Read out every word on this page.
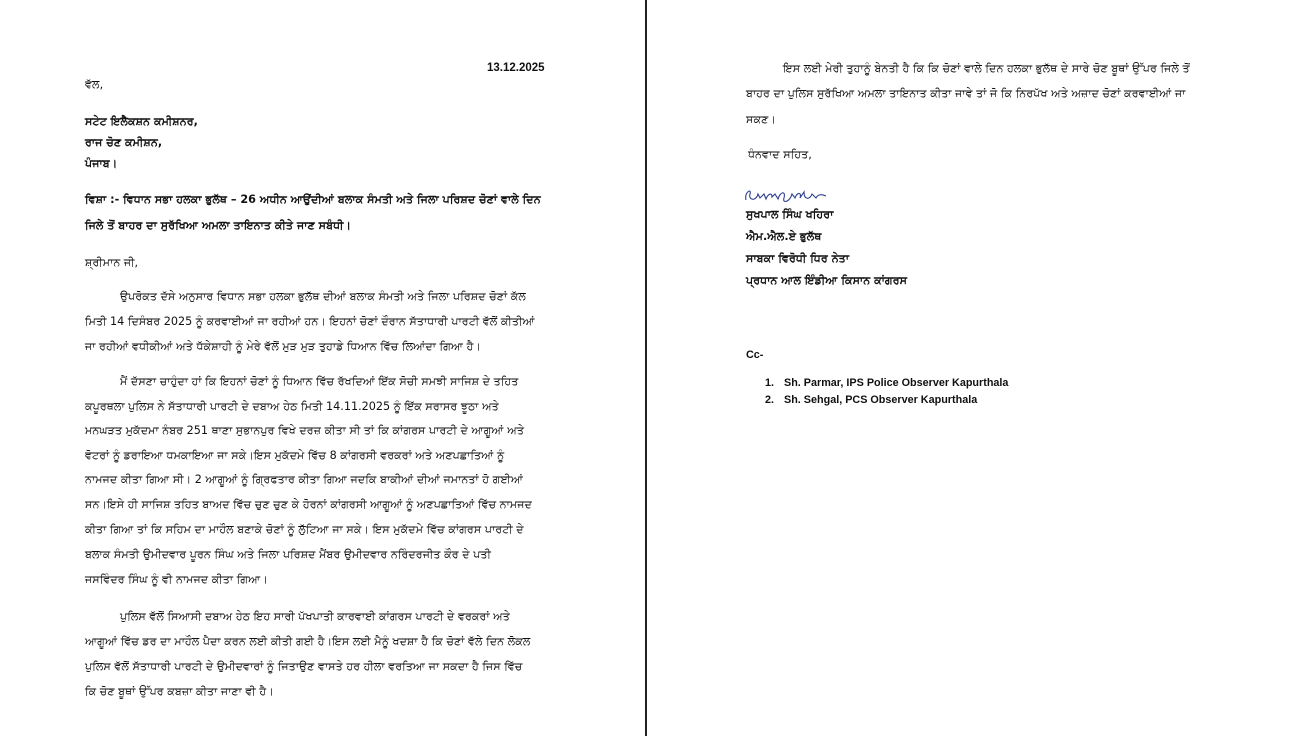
13.12.2025
ਵੱਲ,
ਸਟੇਟ ਇਲੈਕਸ਼ਨ ਕਮੀਸ਼ਨਰ,
ਰਾਜ ਚੋਣ ਕਮੀਸ਼ਨ,
ਪੰਜਾਬ।
ਵਿਸ਼ਾ :- ਵਿਧਾਨ ਸਭਾ ਹਲਕਾ ਭੁਲੱਥ – 26 ਅਧੀਨ ਆਉਂਦੀਆਂ ਬਲਾਕ ਸੰਮਤੀ ਅਤੇ ਜਿਲਾ ਪਰਿਸ਼ਦ ਚੋਣਾਂ ਵਾਲੇ ਦਿਨ
ਜਿਲੇ ਤੋਂ ਬਾਹਰ ਦਾ ਸੁਰੱਖਿਆ ਅਮਲਾ ਤਾਇਨਾਤ ਕੀਤੇ ਜਾਣ ਸਬੰਧੀ।
ਸ਼੍ਰੀਮਾਨ ਜੀ,
ਉਪਰੋਕਤ ਦੱਸੇ ਅਨੁਸਾਰ ਵਿਧਾਨ ਸਭਾ ਹਲਕਾ ਭੁਲੱਥ ਦੀਆਂ ਬਲਾਕ ਸੰਮਤੀ ਅਤੇ ਜਿਲਾ ਪਰਿਸ਼ਦ ਚੋਣਾਂ ਕੱਲ
ਮਿਤੀ 14 ਦਿਸੰਬਰ 2025 ਨੂੰ ਕਰਵਾਈਆਂ ਜਾ ਰਹੀਆਂ ਹਨ। ਇਹਨਾਂ ਚੋਣਾਂ ਦੌਰਾਨ ਸੱਤਾਧਾਰੀ ਪਾਰਟੀ ਵੱਲੋਂ ਕੀਤੀਆਂ
ਜਾ ਰਹੀਆਂ ਵਧੀਕੀਆਂ ਅਤੇ ਧੱਕੇਸ਼ਾਹੀ ਨੂੰ ਮੇਰੇ ਵੱਲੋਂ ਮੁੜ ਮੁੜ ਤੁਹਾਡੇ ਧਿਆਨ ਵਿੱਚ ਲਿਆਂਦਾ ਗਿਆ ਹੈ।
ਮੈਂ ਦੱਸਣਾ ਚਾਹੁੰਦਾ ਹਾਂ ਕਿ ਇਹਨਾਂ ਚੋਣਾਂ ਨੂੰ ਧਿਆਨ ਵਿੱਚ ਰੱਖਦਿਆਂ ਇੱਕ ਸੋਚੀ ਸਮਝੀ ਸਾਜਿਸ਼ ਦੇ ਤਹਿਤ
ਕਪੂਰਥਲਾ ਪੁਲਿਸ ਨੇ ਸੱਤਾਧਾਰੀ ਪਾਰਟੀ ਦੇ ਦਬਾਅ ਹੇਠ ਮਿਤੀ 14.11.2025 ਨੂੰ ਇੱਕ ਸਰਾਸਰ ਝੂਠਾ ਅਤੇ
ਮਨਘੜਤ ਮੁਕੱਦਮਾ ਨੰਬਰ 251 ਥਾਣਾ ਸੁਭਾਨਪੁਰ ਵਿਖੇ ਦਰਜ਼ ਕੀਤਾ ਸੀ ਤਾਂ ਕਿ ਕਾਂਗਰਸ ਪਾਰਟੀ ਦੇ ਆਗੂਆਂ ਅਤੇ
ਵੋਟਰਾਂ ਨੂੰ ਡਰਾਇਆ ਧਮਕਾਇਆ ਜਾ ਸਕੇ।ਇਸ ਮੁਕੱਦਮੇ ਵਿੱਚ 8 ਕਾਂਗਰਸੀ ਵਰਕਰਾਂ ਅਤੇ ਅਣਪਛਾਤਿਆਂ ਨੂੰ
ਨਾਮਜਦ ਕੀਤਾ ਗਿਆ ਸੀ। 2 ਆਗੂਆਂ ਨੂੰ ਗ੍ਰਿਫਤਾਰ ਕੀਤਾ ਗਿਆ ਜਦਕਿ ਬਾਕੀਆਂ ਦੀਆਂ ਜਮਾਨਤਾਂ ਹੋ ਗਈਆਂ
ਸਨ।ਇਸੇ ਹੀ ਸਾਜਿਸ਼ ਤਹਿਤ ਬਾਅਦ ਵਿੱਚ ਚੁਣ ਚੁਣ ਕੇ ਹੋਰਨਾਂ ਕਾਂਗਰਸੀ ਆਗੂਆਂ ਨੂੰ ਅਣਪਛਾਤਿਆਂ ਵਿੱਚ ਨਾਮਜਦ
ਕੀਤਾ ਗਿਆ ਤਾਂ ਕਿ ਸਹਿਮ ਦਾ ਮਾਹੌਲ ਬਣਾਕੇ ਚੋਣਾਂ ਨੂੰ ਲੁੱਟਿਆ ਜਾ ਸਕੇ। ਇਸ ਮੁਕੱਦਮੇ ਵਿੱਚ ਕਾਂਗਰਸ ਪਾਰਟੀ ਦੇ
ਬਲਾਕ ਸੰਮਤੀ ਉਮੀਦਵਾਰ ਪੂਰਨ ਸਿੰਘ ਅਤੇ ਜਿਲਾ ਪਰਿਸ਼ਦ ਮੈਂਬਰ ਉਮੀਦਵਾਰ ਨਰਿੰਦਰਜੀਤ ਕੌਰ ਦੇ ਪਤੀ
ਜਸਵਿੰਦਰ ਸਿੰਘ ਨੂੰ ਵੀ ਨਾਮਜਦ ਕੀਤਾ ਗਿਆ।
ਪੁਲਿਸ ਵੱਲੋਂ ਸਿਆਸੀ ਦਬਾਅ ਹੇਠ ਇਹ ਸਾਰੀ ਪੱਖਪਾਤੀ ਕਾਰਵਾਈ ਕਾਂਗਰਸ ਪਾਰਟੀ ਦੇ ਵਰਕਰਾਂ ਅਤੇ
ਆਗੂਆਂ ਵਿੱਚ ਡਰ ਦਾ ਮਾਹੌਲ ਪੈਦਾ ਕਰਨ ਲਈ ਕੀਤੀ ਗਈ ਹੈ।ਇਸ ਲਈ ਮੈਨੂੰ ਖਦਸ਼ਾ ਹੈ ਕਿ ਚੋਣਾਂ ਵੱਲੇ ਦਿਨ ਲੋਕਲ
ਪੁਲਿਸ ਵੱਲੋਂ ਸੱਤਾਧਾਰੀ ਪਾਰਟੀ ਦੇ ਉਮੀਦਵਾਰਾਂ ਨੂੰ ਜਿਤਾਉਣ ਵਾਸਤੇ ਹਰ ਹੀਲਾ ਵਰਤਿਆ ਜਾ ਸਕਦਾ ਹੈ ਜਿਸ ਵਿੱਚ
ਕਿ ਚੋਣ ਬੂਥਾਂ ਉੱਪਰ ਕਬਜ਼ਾ ਕੀਤਾ ਜਾਣਾ ਵੀ ਹੈ।
ਇਸ ਲਈ ਮੇਰੀ ਤੁਹਾਨੂੰ ਬੇਨਤੀ ਹੈ ਕਿ ਕਿ ਚੋਣਾਂ ਵਾਲੇ ਦਿਨ ਹਲਕਾ ਭੁਲੱਥ ਦੇ ਸਾਰੇ ਚੋਣ ਬੂਥਾਂ ਉੱਪਰ ਜਿਲੇ ਤੋਂ
ਬਾਹਰ ਦਾ ਪੁਲਿਸ ਸੁਰੱਖਿਆ ਅਮਲਾ ਤਾਇਨਾਤ ਕੀਤਾ ਜਾਵੇ ਤਾਂ ਜੋ ਕਿ ਨਿਰਪੱਖ ਅਤੇ ਅਜ਼ਾਦ ਚੋਣਾਂ ਕਰਵਾਈਆਂ ਜਾ
ਸਕਣ।
ਧੰਨਵਾਦ ਸਹਿਤ,
ਸੁਖਪਾਲ ਸਿੰਘ ਖਹਿਰਾ
ਐਮ.ਐਲ.ਏ ਭੁਲੱਥ
ਸਾਬਕਾ ਵਿਰੋਧੀ ਧਿਰ ਨੇਤਾ
ਪ੍ਰਧਾਨ ਆਲ ਇੰਡੀਆ ਕਿਸਾਨ ਕਾਂਗਰਸ
Cc-
1. Sh. Parmar, IPS Police Observer Kapurthala
2. Sh. Sehgal, PCS Observer Kapurthala
